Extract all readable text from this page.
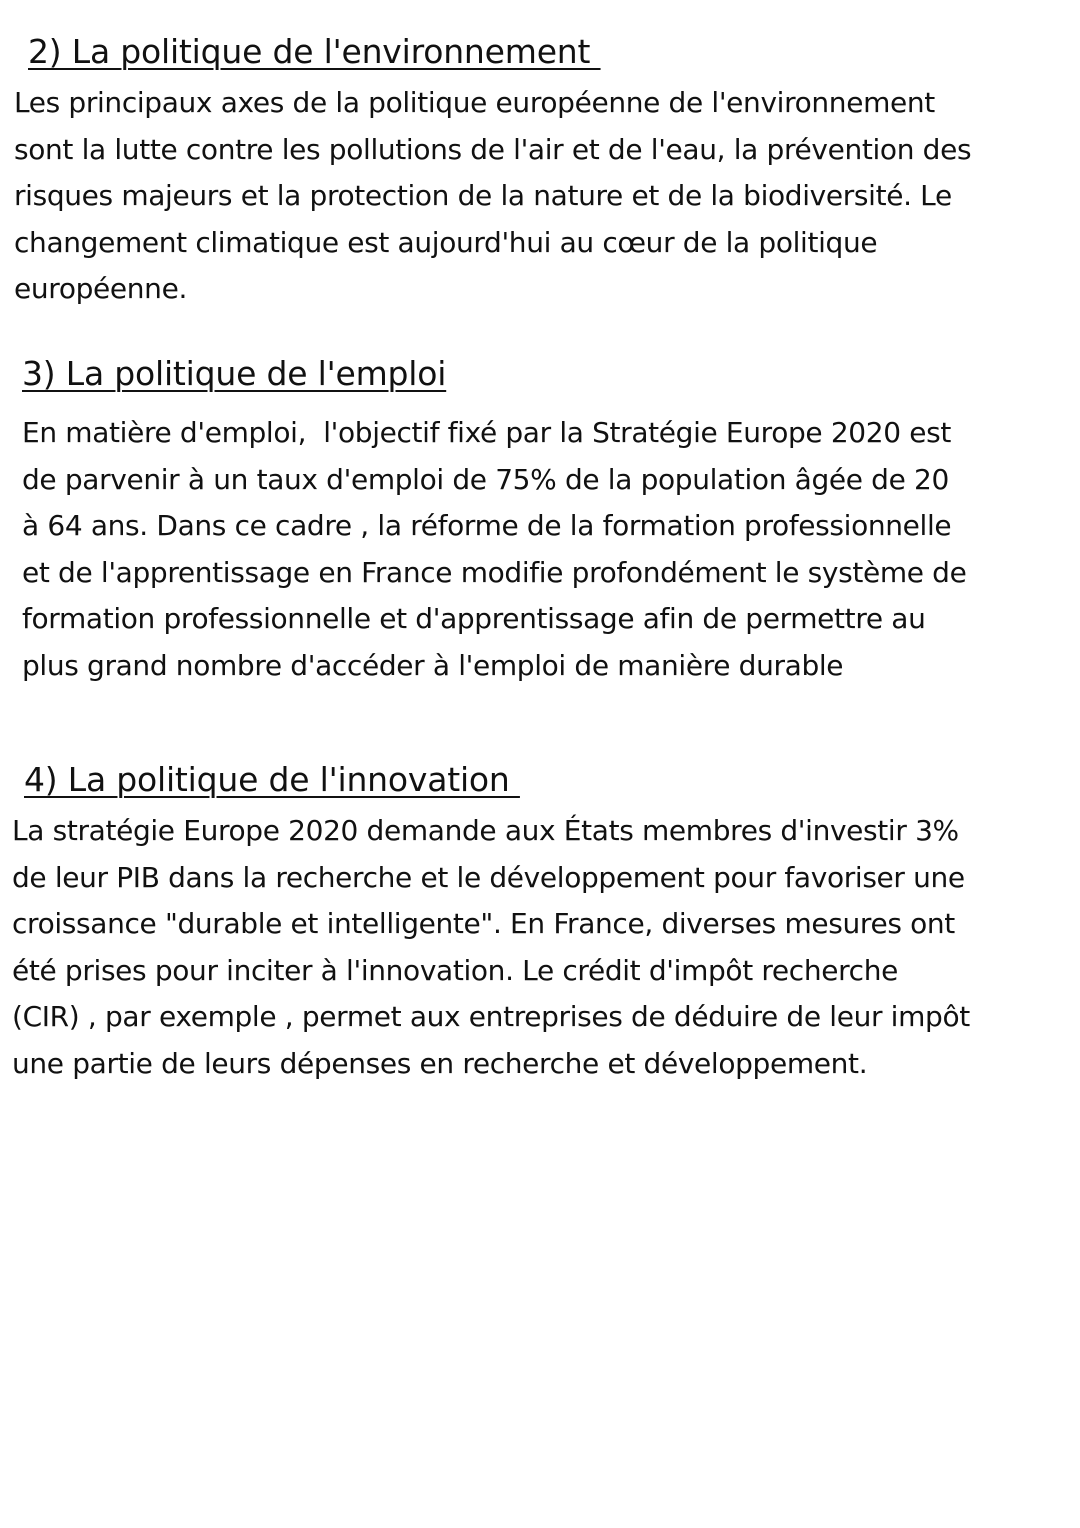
2) La politique de l'environnement

Les principaux axes de la politique européenne de l'environnement
sont la lutte contre les pollutions de l'air et de l'eau, la prévention des
risques majeurs et la protection de la nature et de la biodiversité. Le
changement climatique est aujourd'hui au cœur de la politique
européenne.

3) La politique de l'emploi

En matière d'emploi,  l'objectif fixé par la Stratégie Europe 2020 est
de parvenir à un taux d'emploi de 75% de la population âgée de 20
à 64 ans. Dans ce cadre , la réforme de la formation professionnelle
et de l'apprentissage en France modifie profondément le système de
formation professionnelle et d'apprentissage afin de permettre au
plus grand nombre d'accéder à l'emploi de manière durable

4) La politique de l'innovation

La stratégie Europe 2020 demande aux États membres d'investir 3%
de leur PIB dans la recherche et le développement pour favoriser une
croissance "durable et intelligente". En France, diverses mesures ont
été prises pour inciter à l'innovation. Le crédit d'impôt recherche
(CIR) , par exemple , permet aux entreprises de déduire de leur impôt
une partie de leurs dépenses en recherche et développement.
